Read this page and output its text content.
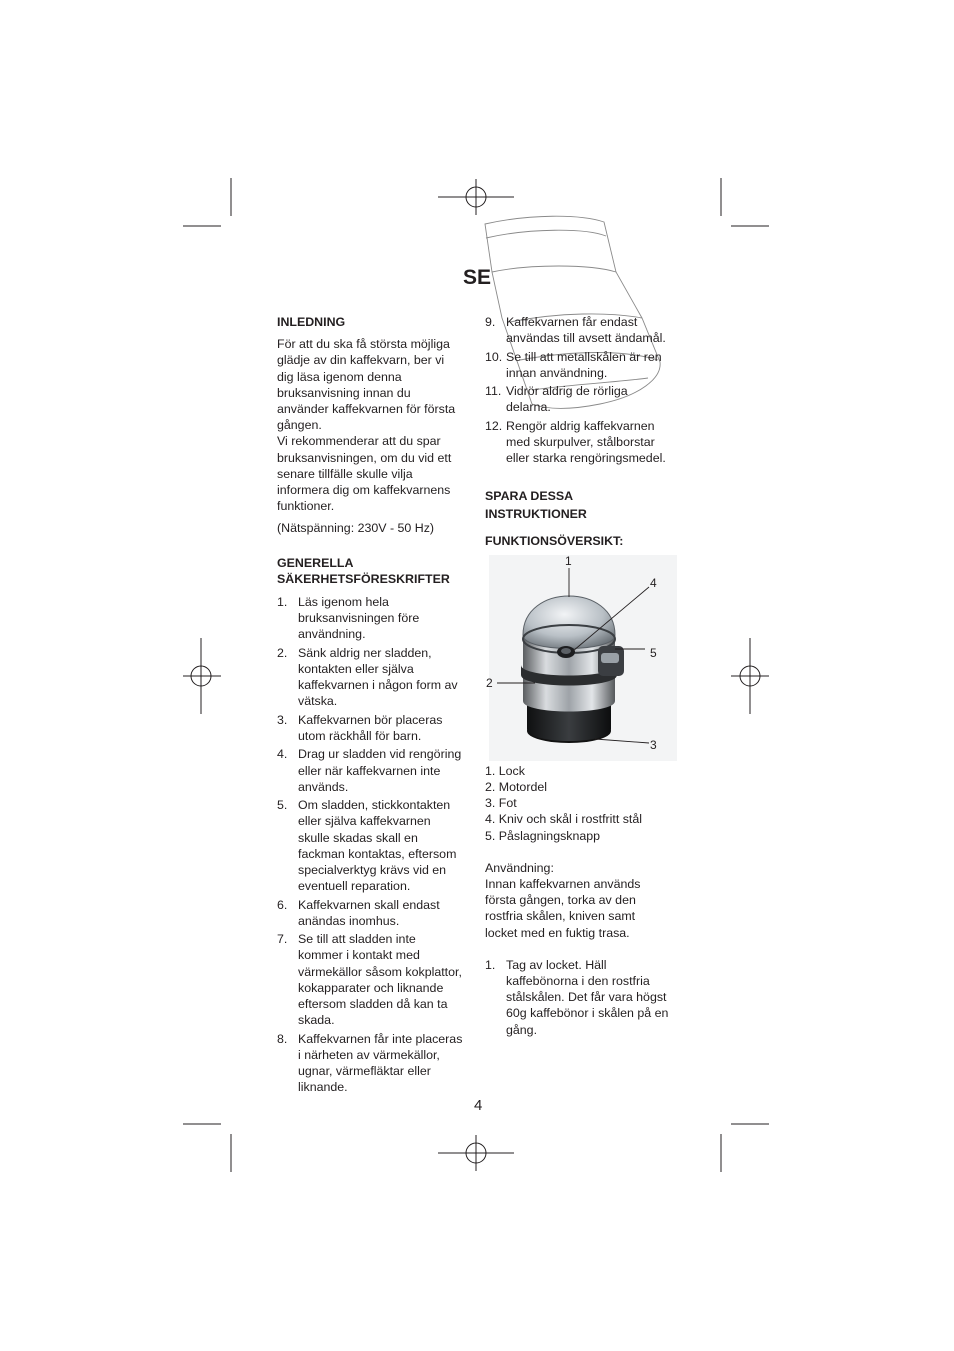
SE

INLEDNING

För att du ska få största möjliga
glädje av din kaffekvarn, ber vi
dig läsa igenom denna
bruksanvisning innan du
använder kaffekvarnen för första
gången.
Vi rekommenderar att du spar
bruksanvisningen, om du vid ett
senare tillfälle skulle vilja
informera dig om kaffekvarnens
funktioner.

(Nätspänning: 230V - 50 Hz)

GENERELLA
SÄKERHETSFÖRESKRIFTER
1. Läs igenom hela
bruksanvisningen före
användning.
2. Sänk aldrig ner sladden,
kontakten eller själva
kaffekvarnen i någon form av
vätska.
3. Kaffekvarnen bör placeras
utom räckhåll för barn.
4. Drag ur sladden vid rengöring
eller när kaffekvarnen inte
används.
5. Om sladden, stickkontakten
eller själva kaffekvarnen
skulle skadas skall en
fackman kontaktas, eftersom
specialverktyg krävs vid en
eventuell reparation.
6. Kaffekvarnen skall endast
anändas inomhus.
7. Se till att sladden inte
kommer i kontakt med
värmekällor såsom kokplattor,
kokapparater och liknande
eftersom sladden då kan ta
skada.
8. Kaffekvarnen får inte placeras
i närheten av värmekällor,
ugnar, värmefläktar eller
liknande.
9. Kaffekvarnen får endast
användas till avsett ändamål.
10. Se till att metallskålen är ren
innan användning.
11. Vidrör aldrig de rörliga
delarna.
12. Rengör aldrig kaffekvarnen
med skurpulver, stålborstar
eller starka rengöringsmedel.
SPARA DESSA
INSTRUKTIONER

FUNKTIONSÖVERSIKT:

1
4
5
2
3
1. Lock
2. Motordel
3. Fot
4. Kniv och skål i rostfritt stål
5. Påslagningsknapp

Användning:

Innan kaffekvarnen används
första gången, torka av den
rostfria skålen, kniven samt
locket med en fuktig trasa.
1. Tag av locket. Häll
kaffebönorna i den rostfria
stålskålen. Det får vara högst
60g kaffebönor i skålen på en
gång.
4
